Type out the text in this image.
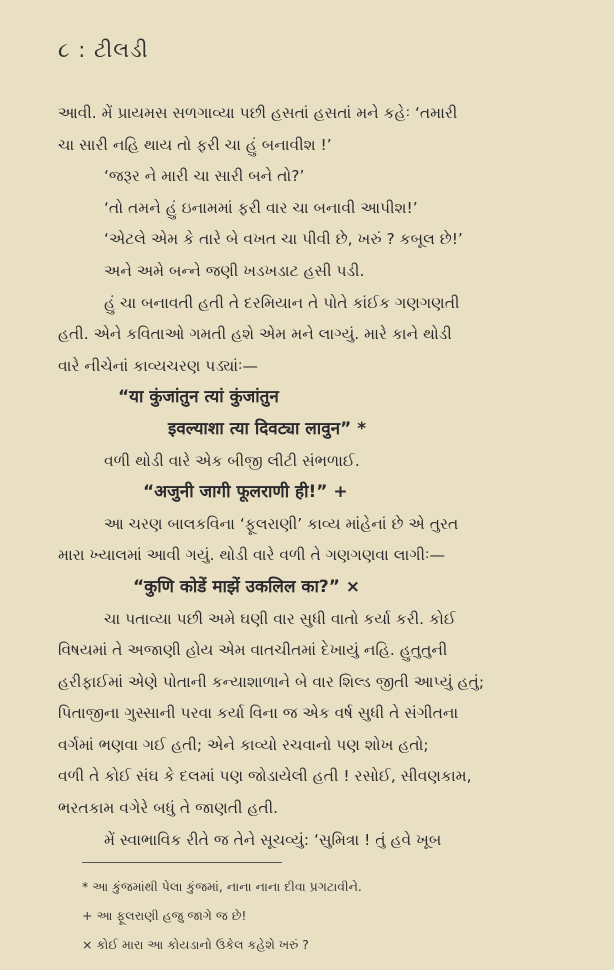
૮ : ટીલડી
આવી. મેં પ્રાયમસ સળગાવ્યા પછી હસતાં હસતાં મને કહેઃ ‘તમારી
ચા સારી નહિ થાય તો ફરી ચા હું બનાવીશ !’
‘જરૂર ને મારી ચા સારી બને તો?’
‘તો તમને હું ઇનામમાં ફરી વાર ચા બનાવી આપીશ!’
‘એટલે એમ કે તારે બે વખત ચા પીવી છે, ખરું ? કબૂલ છે!’
અને અમે બન્ને જણી ખડખડાટ હસી પડી.
હું ચા બનાવતી હતી તે દરમિયાન તે પોતે કાંઈક ગણગણતી
હતી. એને કવિતાઓ ગમતી હશે એમ મને લાગ્યું. મારે કાને થોડી
વારે નીચેનાં કાવ્યચરણ પડ્યાંઃ—
“या कुंजांतुन त्यां कुंजांतुन
इवल्याशा त्या दिवट्या लावुन” *
વળી થોડી વારે એક બીજી લીટી સંભળાઈ.
“अजुनी जागी फूलराणी ही!” +
આ ચરણ બાલકવિના ‘ફૂલરાણી’ કાવ્ય માંહેનાં છે એ તુરત
મારા ખ્યાલમાં આવી ગયું. થોડી વારે વળી તે ગણગણવા લાગીઃ—
“कुणि कोडें माझें उकलिल का?” ×
ચા પતાવ્યા પછી અમે ઘણી વાર સુધી વાતો કર્યા કરી. કોઈ
વિષયમાં તે અજાણી હોય એમ વાતચીતમાં દેખાયું નહિ. હુતુતુની
હરીફાઈમાં એણે પોતાની કન્યાશાળાને બે વાર શિલ્ડ જીતી આપ્યું હતું;
પિતાજીના ગુસ્સાની પરવા કર્યા વિના જ એક વર્ષ સુધી તે સંગીતના
વર્ગમાં ભણવા ગઈ હતી; એને કાવ્યો રચવાનો પણ શોખ હતો;
વળી તે કોઈ સંઘ કે દલમાં પણ જોડાયેલી હતી ! રસોઈ, સીવણકામ,
ભરતકામ વગેરે બધું તે જાણતી હતી.
મેં સ્વાભાવિક રીતે જ તેને સૂચવ્યું: ‘સુમિત્રા ! તું હવે ખૂબ
* આ કુંજમાંથી પેલા કુંજમાં, નાના નાના દીવા પ્રગટાવીને.
+ આ ફૂલરાણી હજુ જાગે જ છે!
× કોઈ મારા આ કોયડાનો ઉકેલ કહેશે ખરું ?
